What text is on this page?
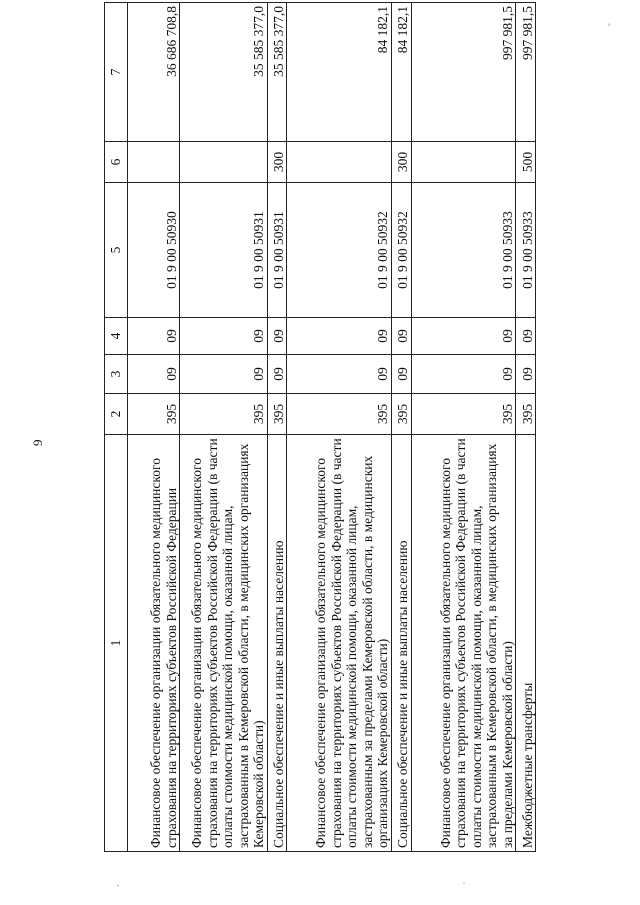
9
1	2	3	4	5	6	7
Финансовое обеспечение организации обязательного медицинского страхования на территориях субъектов Российской Федерации	395	09	09	01 9 00 50930		36 686 708,8
Финансовое обеспечение организации обязательного медицинского страхования на территориях субъектов Российской Федерации (в части оплаты стоимости медицинской помощи, оказанной лицам, застрахованным в Кемеровской области, в медицинских организациях Кемеровской области)	395	09	09	01 9 00 50931		35 585 377,0
Социальное обеспечение и иные выплаты населению	395	09	09	01 9 00 50931	300	35 585 377,0
Финансовое обеспечение организации обязательного медицинского страхования на территориях субъектов Российской Федерации (в части оплаты стоимости медицинской помощи, оказанной лицам, застрахованным за пределами Кемеровской области, в медицинских организациях Кемеровской области)	395	09	09	01 9 00 50932		84 182,1
Социальное обеспечение и иные выплаты населению	395	09	09	01 9 00 50932	300	84 182,1
Финансовое обеспечение организации обязательного медицинского страхования на территориях субъектов Российской Федерации (в части оплаты стоимости медицинской помощи, оказанной лицам, застрахованным в Кемеровской области, в медицинских организациях за пределами Кемеровской области)	395	09	09	01 9 00 50933		997 981,5
Межбюджетные трансферты	395	09	09	01 9 00 50933	500	997 981,5	′
·	·
